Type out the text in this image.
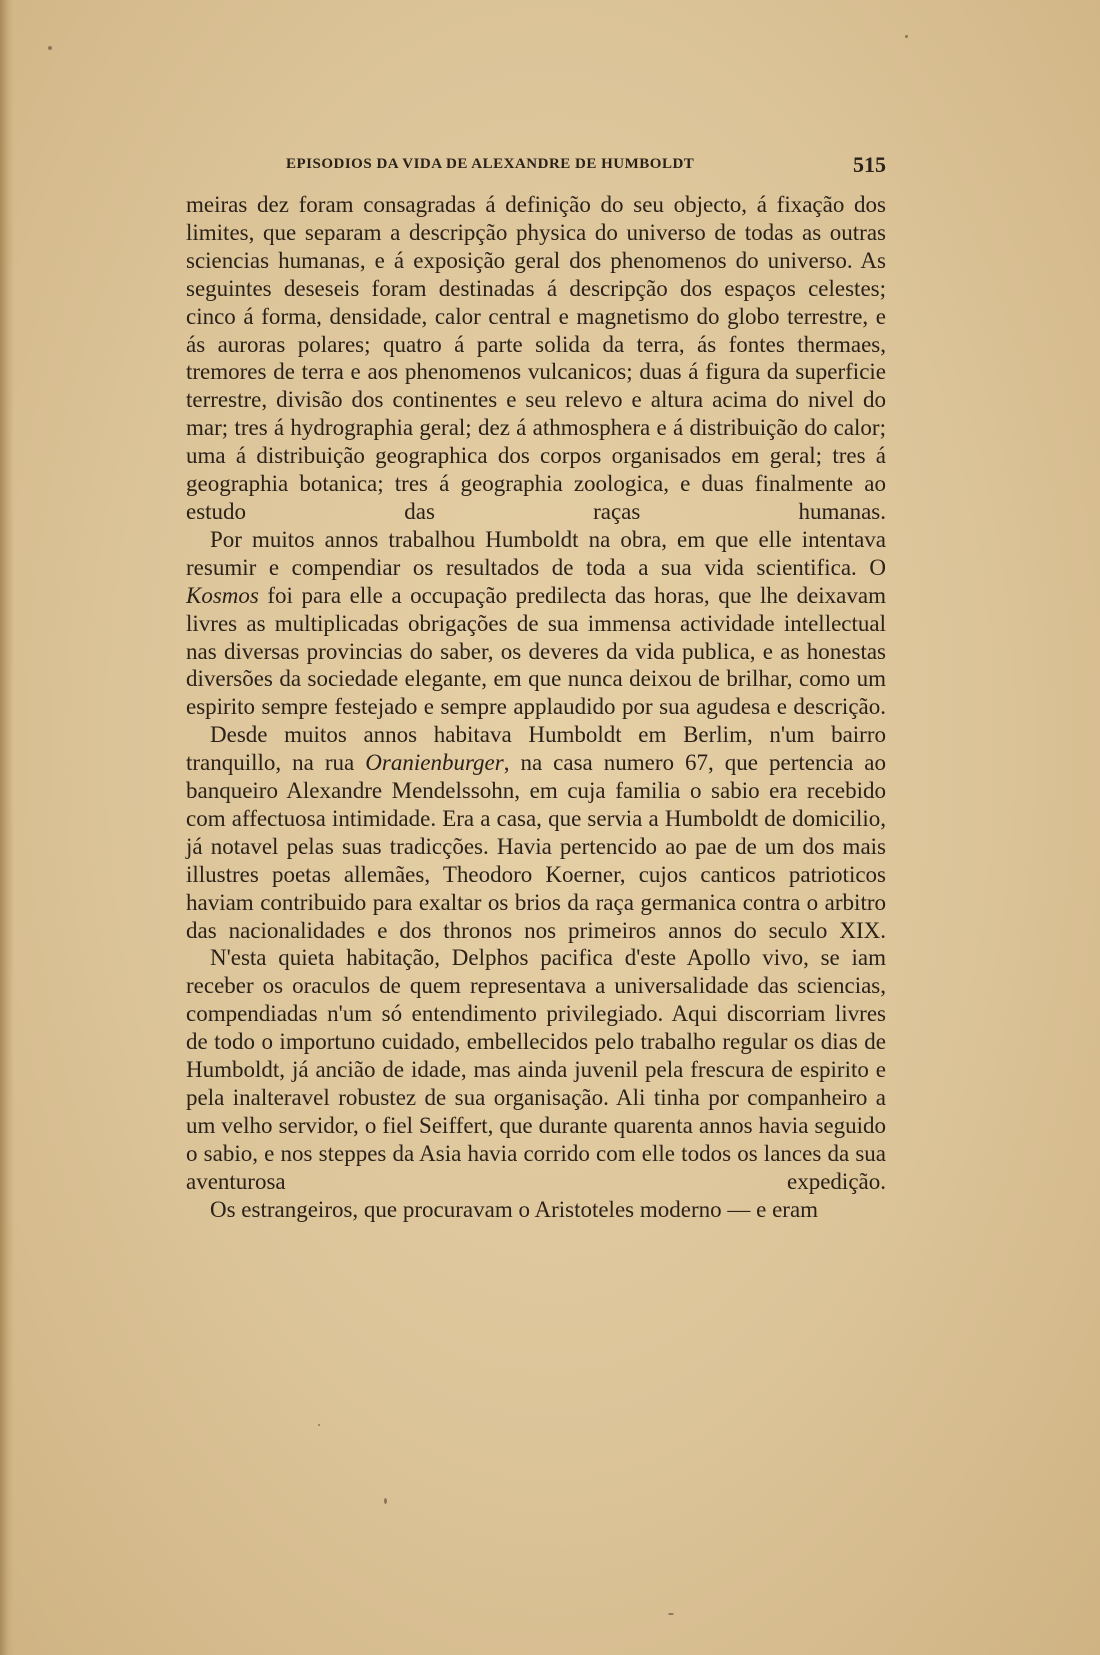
EPISODIOS DA VIDA DE ALEXANDRE DE HUMBOLDT	515

meiras dez foram consagradas á definição do seu objecto, á fixação dos limites, que separam a descripção physica do universo de todas as outras sciencias humanas, e á exposição geral dos phenomenos do universo. As seguintes deseseis foram destinadas á descripção dos espaços celestes; cinco á forma, densidade, calor central e magnetismo do globo terrestre, e ás auroras polares; quatro á parte solida da terra, ás fontes thermaes, tremores de terra e aos phenomenos vulcanicos; duas á figura da superficie terrestre, divisão dos continentes e seu relevo e altura acima do nivel do mar; tres á hydrographia geral; dez á athmosphera e á distribuição do calor; uma á distribuição geographica dos corpos organisados em geral; tres á geographia botanica; tres á geographia zoologica, e duas finalmente ao estudo das raças humanas.

Por muitos annos trabalhou Humboldt na obra, em que elle intentava resumir e compendiar os resultados de toda a sua vida scientifica. O Kosmos foi para elle a occupação predilecta das horas, que lhe deixavam livres as multiplicadas obrigações de sua immensa actividade intellectual nas diversas provincias do saber, os deveres da vida publica, e as honestas diversões da sociedade elegante, em que nunca deixou de brilhar, como um espirito sempre festejado e sempre applaudido por sua agudesa e descrição.

Desde muitos annos habitava Humboldt em Berlim, n'um bairro tranquillo, na rua Oranienburger, na casa numero 67, que pertencia ao banqueiro Alexandre Mendelssohn, em cuja familia o sabio era recebido com affectuosa intimidade. Era a casa, que servia a Humboldt de domicilio, já notavel pelas suas tradicções. Havia pertencido ao pae de um dos mais illustres poetas allemães, Theodoro Koerner, cujos canticos patrioticos haviam contribuido para exaltar os brios da raça germanica contra o arbitro das nacionalidades e dos thronos nos primeiros annos do seculo XIX.

N'esta quieta habitação, Delphos pacifica d'este Apollo vivo, se iam receber os oraculos de quem representava a universalidade das sciencias, compendiadas n'um só entendimento privilegiado. Aqui discorriam livres de todo o importuno cuidado, embellecidos pelo trabalho regular os dias de Humboldt, já ancião de idade, mas ainda juvenil pela frescura de espirito e pela inalteravel robustez de sua organisação. Ali tinha por companheiro a um velho servidor, o fiel Seiffert, que durante quarenta annos havia seguido o sabio, e nos steppes da Asia havia corrido com elle todos os lances da sua aventurosa expedição.

Os estrangeiros, que procuravam o Aristoteles moderno — e eram
